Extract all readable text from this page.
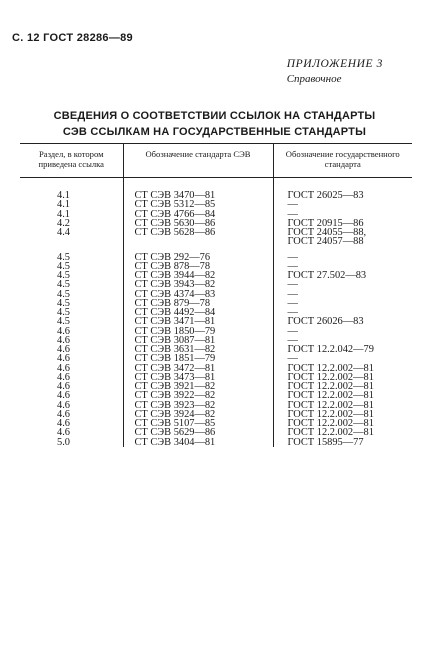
С. 12 ГОСТ 28286—89
ПРИЛОЖЕНИЕ 3
Справочное
СВЕДЕНИЯ О СООТВЕТСТВИИ ССЫЛОК НА СТАНДАРТЫ
СЭВ ССЫЛКАМ НА ГОСУДАРСТВЕННЫЕ СТАНДАРТЫ
Раздел, в котором приведена ссылка	Обозначение стандарта СЭВ	Обозначение государственного стандарта
4.1	СТ СЭВ 3470—81	ГОСТ 26025—83
4.1	СТ СЭВ 5312—85	—
4.1	СТ СЭВ 4766—84	—
4.2	СТ СЭВ 5630—86	ГОСТ 20915—86
4.4	СТ СЭВ 5628—86	ГОСТ 24055—88,
		ГОСТ 24057—88
4.5	СТ СЭВ 292—76	—
4.5	СТ СЭВ 878—78	—
4.5	СТ СЭВ 3944—82	ГОСТ 27.502—83
4.5	СТ СЭВ 3943—82	—
4.5	СТ СЭВ 4374—83	—
4.5	СТ СЭВ 879—78	—
4.5	СТ СЭВ 4492—84	—
4.5	СТ СЭВ 3471—81	ГОСТ 26026—83
4.6	СТ СЭВ 1850—79	—
4.6	СТ СЭВ 3087—81	—
4.6	СТ СЭВ 3631—82	ГОСТ 12.2.042—79
4.6	СТ СЭВ 1851—79	—
4.6	СТ СЭВ 3472—81	ГОСТ 12.2.002—81
4.6	СТ СЭВ 3473—81	ГОСТ 12.2.002—81
4.6	СТ СЭВ 3921—82	ГОСТ 12.2.002—81
4.6	СТ СЭВ 3922—82	ГОСТ 12.2.002—81
4.6	СТ СЭВ 3923—82	ГОСТ 12.2.002—81
4.6	СТ СЭВ 3924—82	ГОСТ 12.2.002—81
4.6	СТ СЭВ 5107—85	ГОСТ 12.2.002—81
4.6	СТ СЭВ 5629—86	ГОСТ 12.2.002—81
5.0	СТ СЭВ 3404—81	ГОСТ 15895—77
